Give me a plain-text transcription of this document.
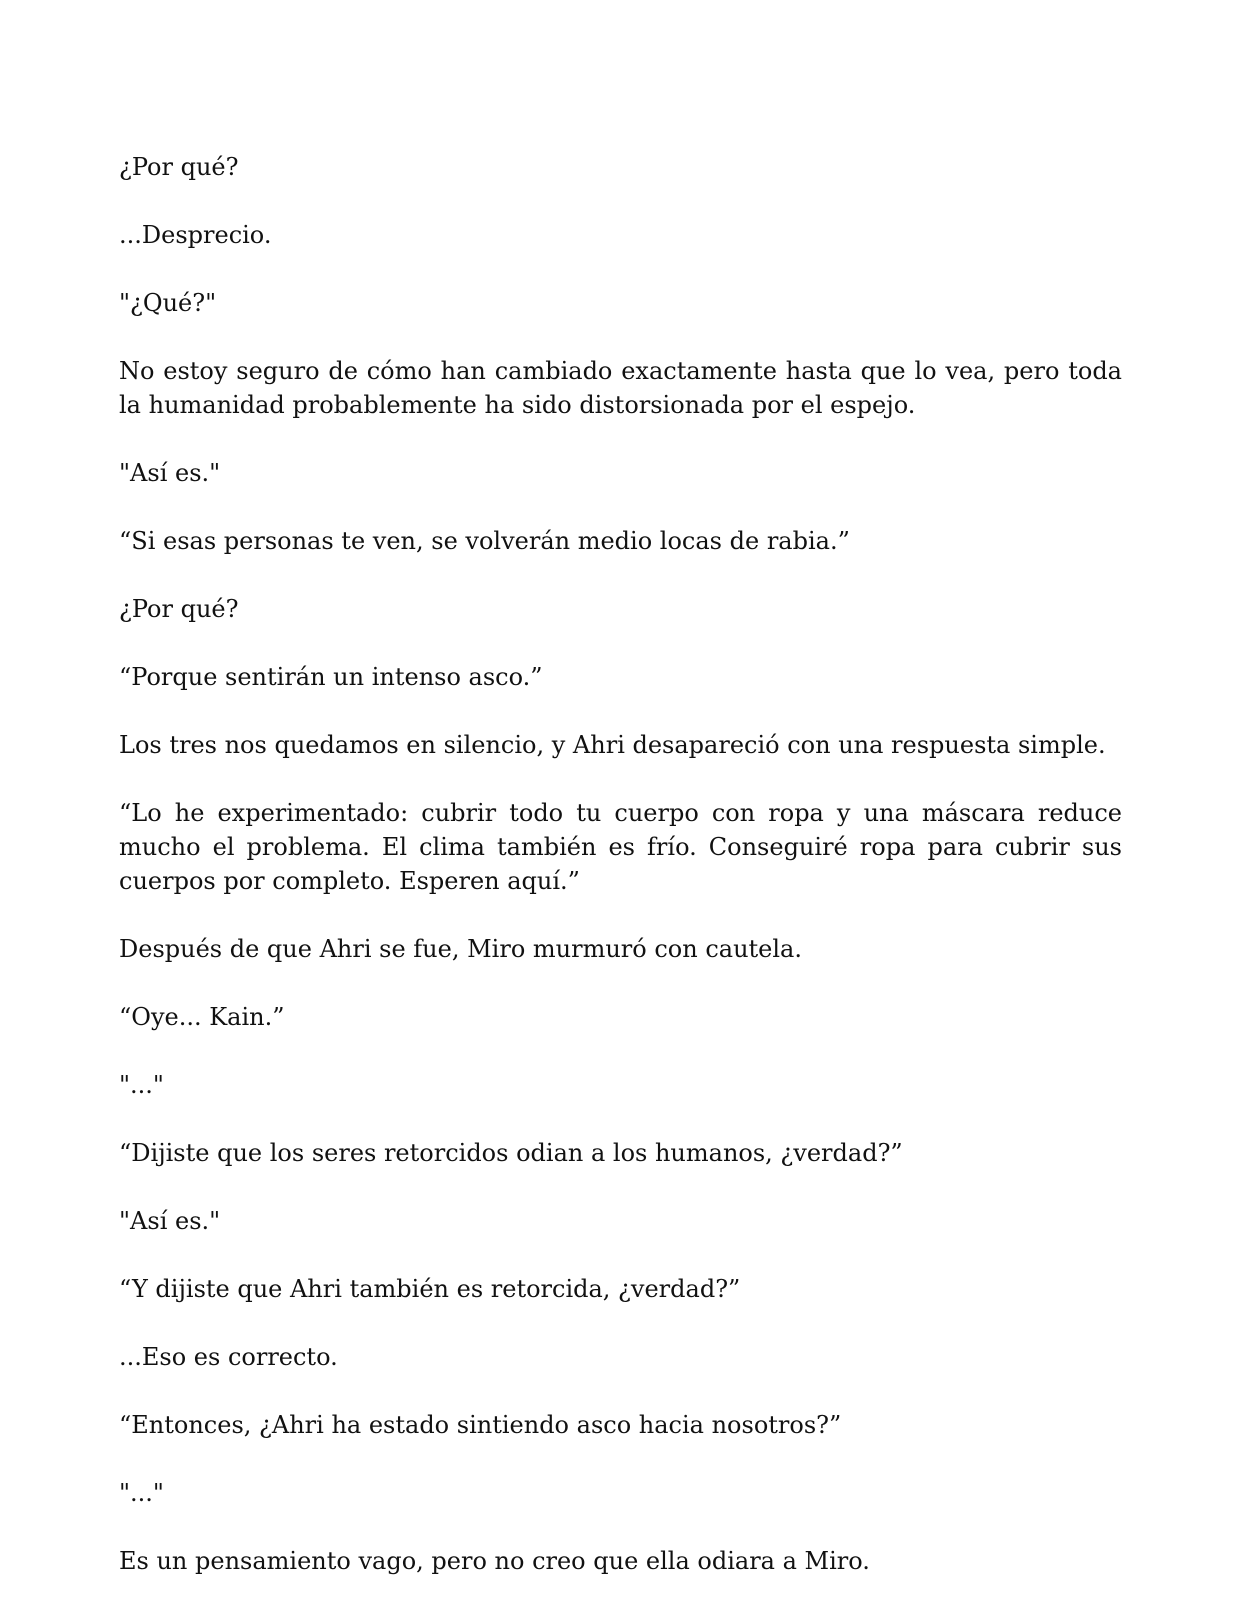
¿Por qué?

...Desprecio.

"¿Qué?"

No estoy seguro de cómo han cambiado exactamente hasta que lo vea, pero toda la humanidad probablemente ha sido distorsionada por el espejo.

"Así es."

“Si esas personas te ven, se volverán medio locas de rabia.”

¿Por qué?

“Porque sentirán un intenso asco.”

Los tres nos quedamos en silencio, y Ahri desapareció con una respuesta simple.

“Lo he experimentado: cubrir todo tu cuerpo con ropa y una máscara reduce mucho el problema. El clima también es frío. Conseguiré ropa para cubrir sus cuerpos por completo. Esperen aquí.”

Después de que Ahri se fue, Miro murmuró con cautela.

“Oye... Kain.”

"..."

“Dijiste que los seres retorcidos odian a los humanos, ¿verdad?”

"Así es."

“Y dijiste que Ahri también es retorcida, ¿verdad?”

...Eso es correcto.

“Entonces, ¿Ahri ha estado sintiendo asco hacia nosotros?”

"..."

Es un pensamiento vago, pero no creo que ella odiara a Miro.
